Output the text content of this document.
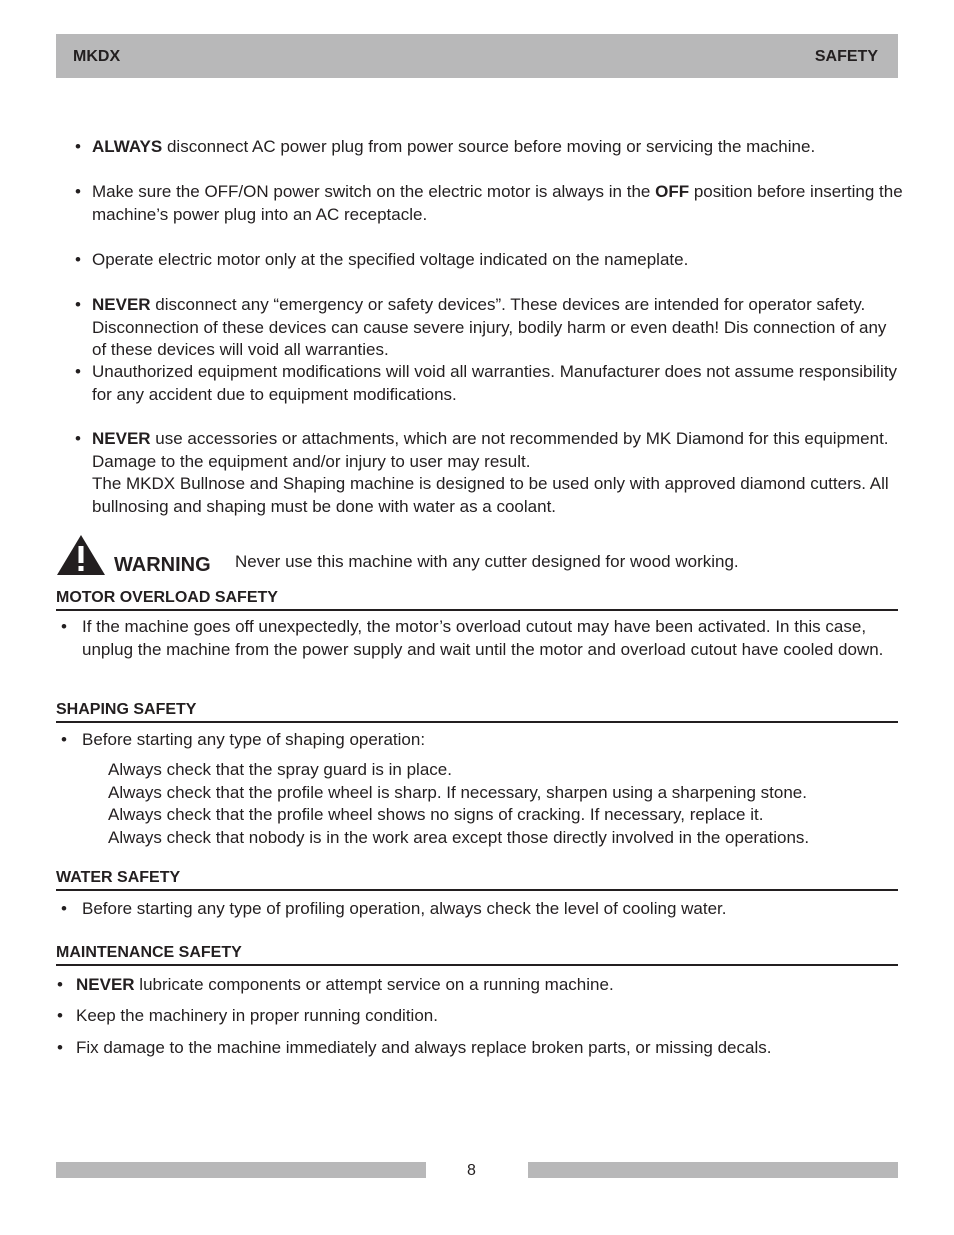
MKDX	SAFETY
• ALWAYS disconnect AC power plug from power source before moving or servicing the machine.
• Make sure the OFF/ON power switch on the electric motor is always in the OFF position before inserting the machine’s power plug into an AC receptacle.
• Operate electric motor only at the specified voltage indicated on the nameplate.
• NEVER disconnect any “emergency or safety devices”. These devices are intended for operator safety. Disconnection of these devices can cause severe injury, bodily harm or even death! Dis connection of any of these devices will void all warranties.
• Unauthorized equipment modifications will void all warranties. Manufacturer does not assume responsibility for any accident due to equipment modifications.
• NEVER use accessories or attachments, which are not recommended by MK Diamond for this equipment. Damage to the equipment and/or injury to user may result.
The MKDX Bullnose and Shaping machine is designed to be used only with approved diamond cutters. All bullnosing and shaping must be done with water as a coolant.
WARNING Never use this machine with any cutter designed for wood working.
MOTOR OVERLOAD SAFETY
• If the machine goes off unexpectedly, the motor’s overload cutout may have been activated. In this case, unplug the machine from the power supply and wait until the motor and overload cutout have cooled down.
SHAPING SAFETY
• Before starting any type of shaping operation:
Always check that the spray guard is in place.
Always check that the profile wheel is sharp. If necessary, sharpen using a sharpening stone.
Always check that the profile wheel shows no signs of cracking. If necessary, replace it.
Always check that nobody is in the work area except those directly involved in the operations.
WATER SAFETY
• Before starting any type of profiling operation, always check the level of cooling water.
MAINTENANCE SAFETY
• NEVER lubricate components or attempt service on a running machine.
• Keep the machinery in proper running condition.
• Fix damage to the machine immediately and always replace broken parts, or missing decals.
8
